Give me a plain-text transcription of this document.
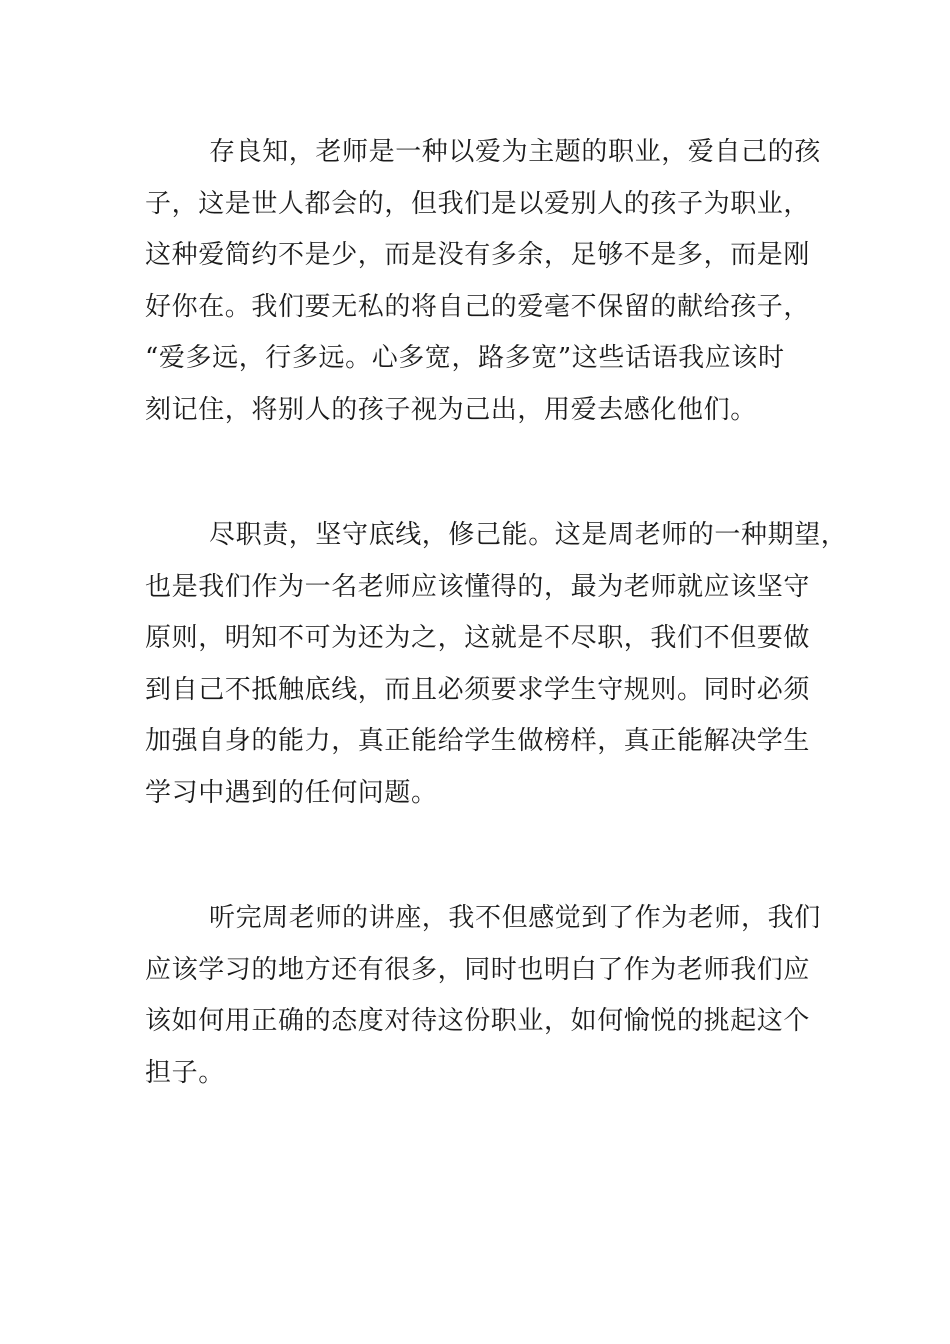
存良知，老师是一种以爱为主题的职业，爱自己的孩
子，这是世人都会的，但我们是以爱别人的孩子为职业，
这种爱简约不是少，而是没有多余，足够不是多，而是刚
好你在。我们要无私的将自己的爱毫不保留的献给孩子，
“爱多远，行多远。心多宽，路多宽”这些话语我应该时
刻记住，将别人的孩子视为己出，用爱去感化他们。
尽职责，坚守底线，修己能。这是周老师的一种期望，
也是我们作为一名老师应该懂得的，最为老师就应该坚守
原则，明知不可为还为之，这就是不尽职，我们不但要做
到自己不抵触底线，而且必须要求学生守规则。同时必须
加强自身的能力，真正能给学生做榜样，真正能解决学生
学习中遇到的任何问题。
听完周老师的讲座，我不但感觉到了作为老师，我们
应该学习的地方还有很多，同时也明白了作为老师我们应
该如何用正确的态度对待这份职业，如何愉悦的挑起这个
担子。
